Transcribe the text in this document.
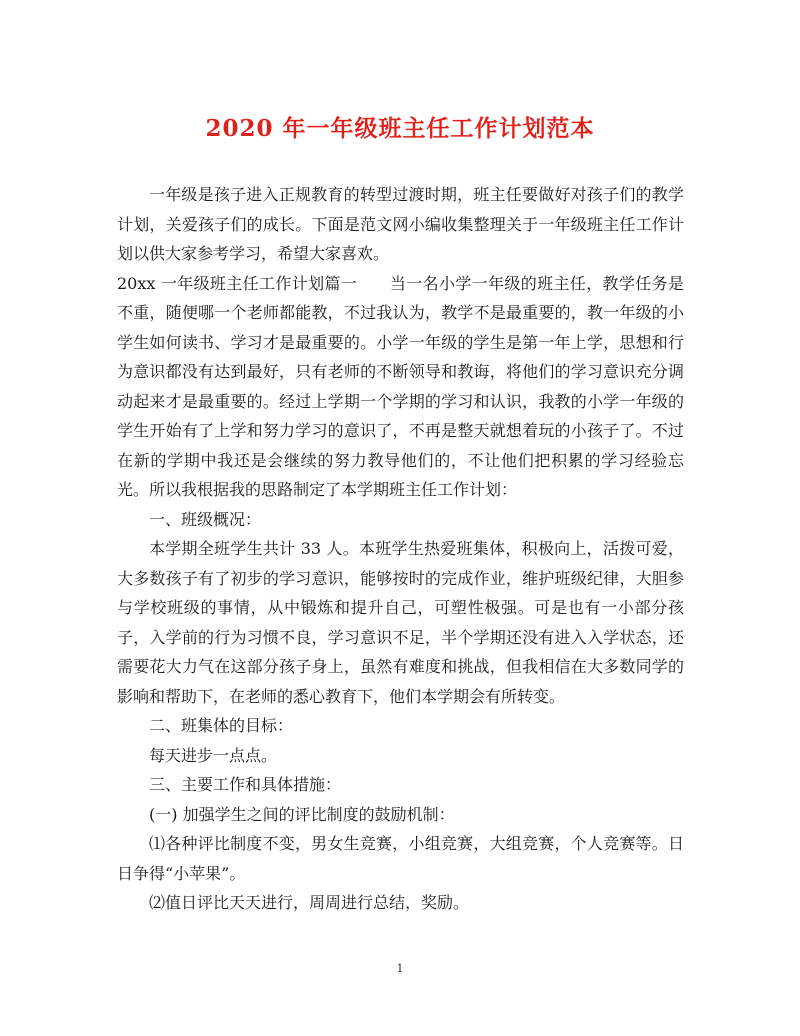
2020 年一年级班主任工作计划范本

一年级是孩子进入正规教育的转型过渡时期，班主任要做好对孩子们的教学计划，关爱孩子们的成长。下面是范文网小编收集整理关于一年级班主任工作计划以供大家参考学习，希望大家喜欢。

20xx 一年级班主任工作计划篇一　　当一名小学一年级的班主任，教学任务是不重，随便哪一个老师都能教，不过我认为，教学不是最重要的，教一年级的小学生如何读书、学习才是最重要的。小学一年级的学生是第一年上学，思想和行为意识都没有达到最好，只有老师的不断领导和教诲，将他们的学习意识充分调动起来才是最重要的。经过上学期一个学期的学习和认识，我教的小学一年级的学生开始有了上学和努力学习的意识了，不再是整天就想着玩的小孩子了。不过在新的学期中我还是会继续的努力教导他们的，不让他们把积累的学习经验忘光。所以我根据我的思路制定了本学期班主任工作计划：

一、班级概况：

本学期全班学生共计 33 人。本班学生热爱班集体，积极向上，活拨可爱，大多数孩子有了初步的学习意识，能够按时的完成作业，维护班级纪律，大胆参与学校班级的事情，从中锻炼和提升自己，可塑性极强。可是也有一小部分孩子，入学前的行为习惯不良，学习意识不足，半个学期还没有进入入学状态，还需要花大力气在这部分孩子身上，虽然有难度和挑战，但我相信在大多数同学的影响和帮助下，在老师的悉心教育下，他们本学期会有所转变。

二、班集体的目标：

每天进步一点点。

三、主要工作和具体措施：

(一) 加强学生之间的评比制度的鼓励机制：

⑴各种评比制度不变，男女生竞赛，小组竞赛，大组竞赛，个人竞赛等。日日争得“小苹果”。

⑵值日评比天天进行，周周进行总结，奖励。

1
